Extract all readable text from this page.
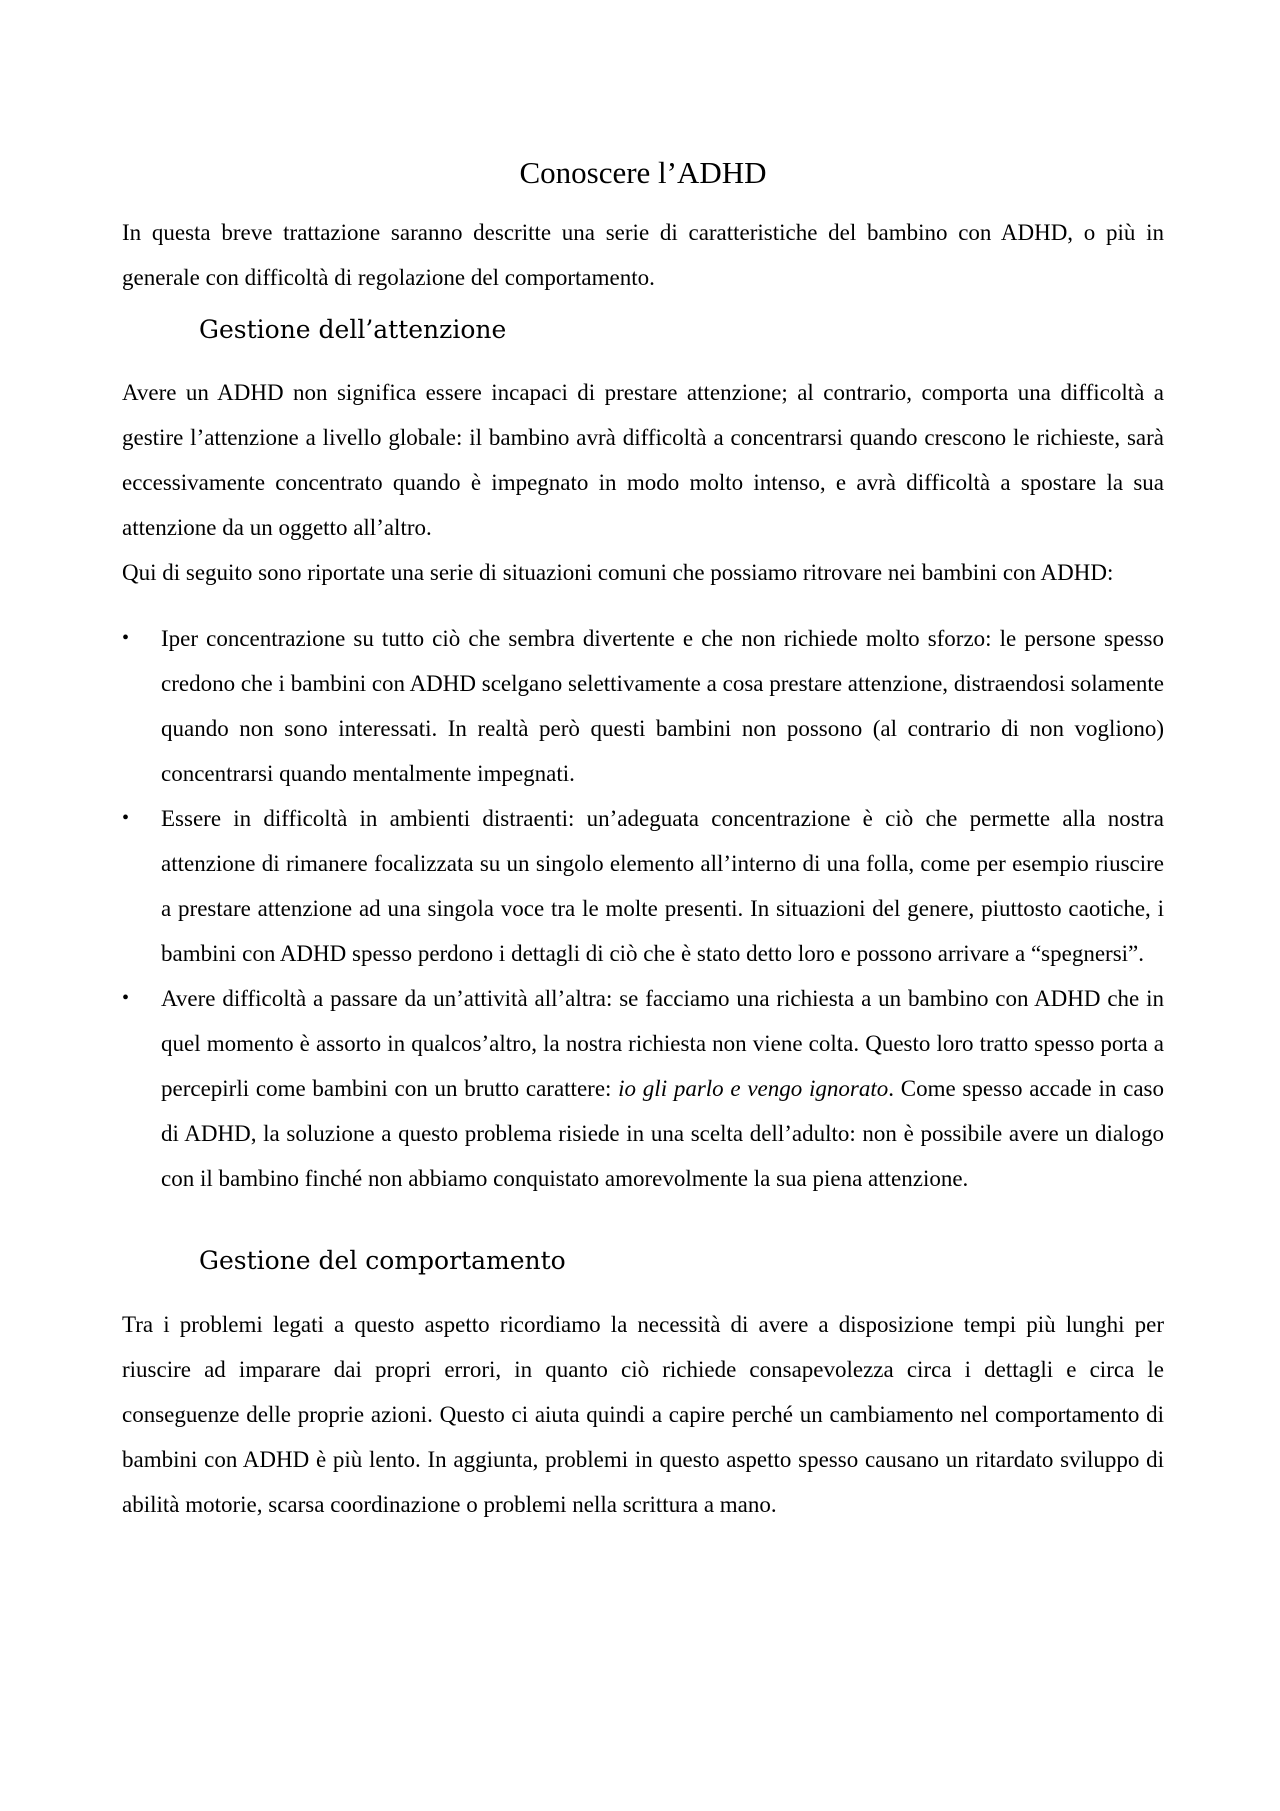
Conoscere l’ADHD

In questa breve trattazione saranno descritte una serie di caratteristiche del bambino con ADHD, o più in generale con difficoltà di regolazione del comportamento.

Gestione dell’attenzione

Avere un ADHD non significa essere incapaci di prestare attenzione; al contrario, comporta una difficoltà a gestire l’attenzione a livello globale: il bambino avrà difficoltà a concentrarsi quando crescono le richieste, sarà eccessivamente concentrato quando è impegnato in modo molto intenso, e avrà difficoltà a spostare la sua attenzione da un oggetto all’altro.

Qui di seguito sono riportate una serie di situazioni comuni che possiamo ritrovare nei bambini con ADHD:

• Iper concentrazione su tutto ciò che sembra divertente e che non richiede molto sforzo: le persone spesso credono che i bambini con ADHD scelgano selettivamente a cosa prestare attenzione, distraendosi solamente quando non sono interessati. In realtà però questi bambini non possono (al contrario di non vogliono) concentrarsi quando mentalmente impegnati.
• Essere in difficoltà in ambienti distraenti: un’adeguata concentrazione è ciò che permette alla nostra attenzione di rimanere focalizzata su un singolo elemento all’interno di una folla, come per esempio riuscire a prestare attenzione ad una singola voce tra le molte presenti. In situazioni del genere, piuttosto caotiche, i bambini con ADHD spesso perdono i dettagli di ciò che è stato detto loro e possono arrivare a “spegnersi”.
• Avere difficoltà a passare da un’attività all’altra: se facciamo una richiesta a un bambino con ADHD che in quel momento è assorto in qualcos’altro, la nostra richiesta non viene colta. Questo loro tratto spesso porta a percepirli come bambini con un brutto carattere: io gli parlo e vengo ignorato. Come spesso accade in caso di ADHD, la soluzione a questo problema risiede in una scelta dell’adulto: non è possibile avere un dialogo con il bambino finché non abbiamo conquistato amorevolmente la sua piena attenzione.
Gestione del comportamento

Tra i problemi legati a questo aspetto ricordiamo la necessità di avere a disposizione tempi più lunghi per riuscire ad imparare dai propri errori, in quanto ciò richiede consapevolezza circa i dettagli e circa le conseguenze delle proprie azioni. Questo ci aiuta quindi a capire perché un cambiamento nel comportamento di bambini con ADHD è più lento. In aggiunta, problemi in questo aspetto spesso causano un ritardato sviluppo di abilità motorie, scarsa coordinazione o problemi nella scrittura a mano.
